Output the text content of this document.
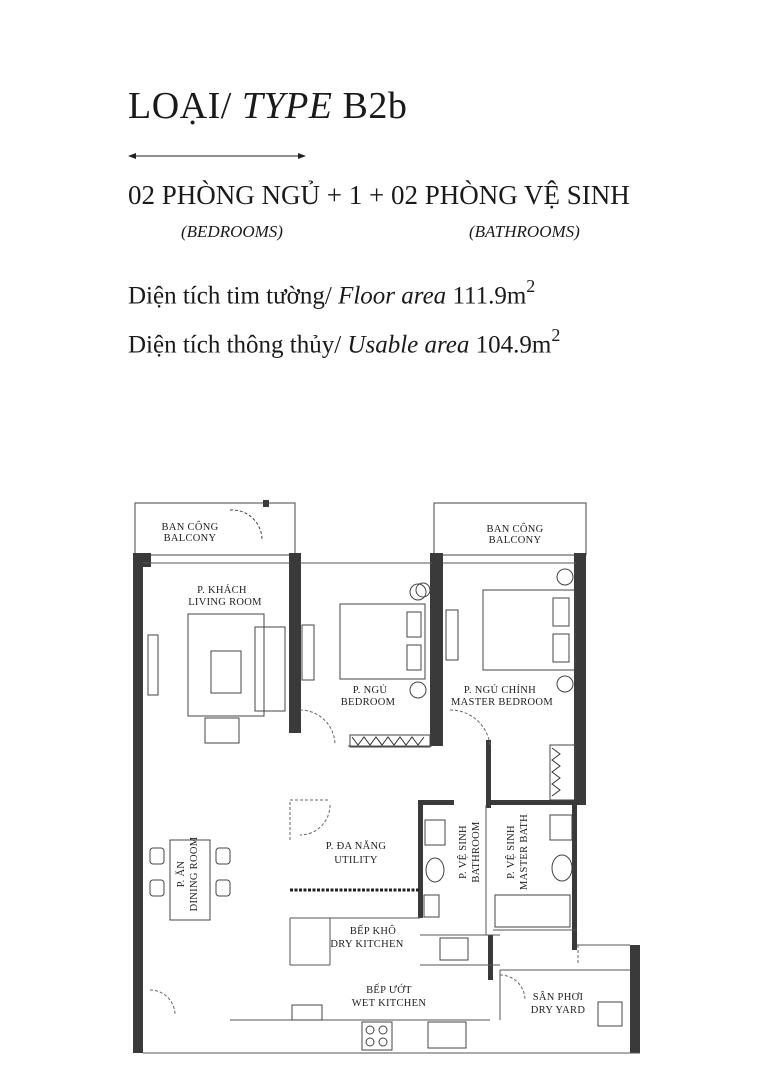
LOẠI/ TYPE B2b
02 PHÒNG NGỦ + 1 + 02 PHÒNG VỆ SINH
(BEDROOMS)	(BATHROOMS)
Diện tích tim tường/ Floor area $111.9m^2$
Diện tích thông thủy/ Usable area $104.9m^2$
BAN CÔNG
BALCONY
BAN CÔNG
BALCONY
P. KHÁCH
LIVING ROOM
P. NGỦ
BEDROOM
P. NGỦ CHÍNH
MASTER BEDROOM
P. ĐA NĂNG
UTILITY
BẾP KHÔ
DRY KITCHEN
BẾP ƯỚT
WET KITCHEN
SÂN PHƠI
DRY YARD
P. ĂN DINING ROOM	P. VỆ SINH BATHROOM P. VỆ SINH MASTER BATH
